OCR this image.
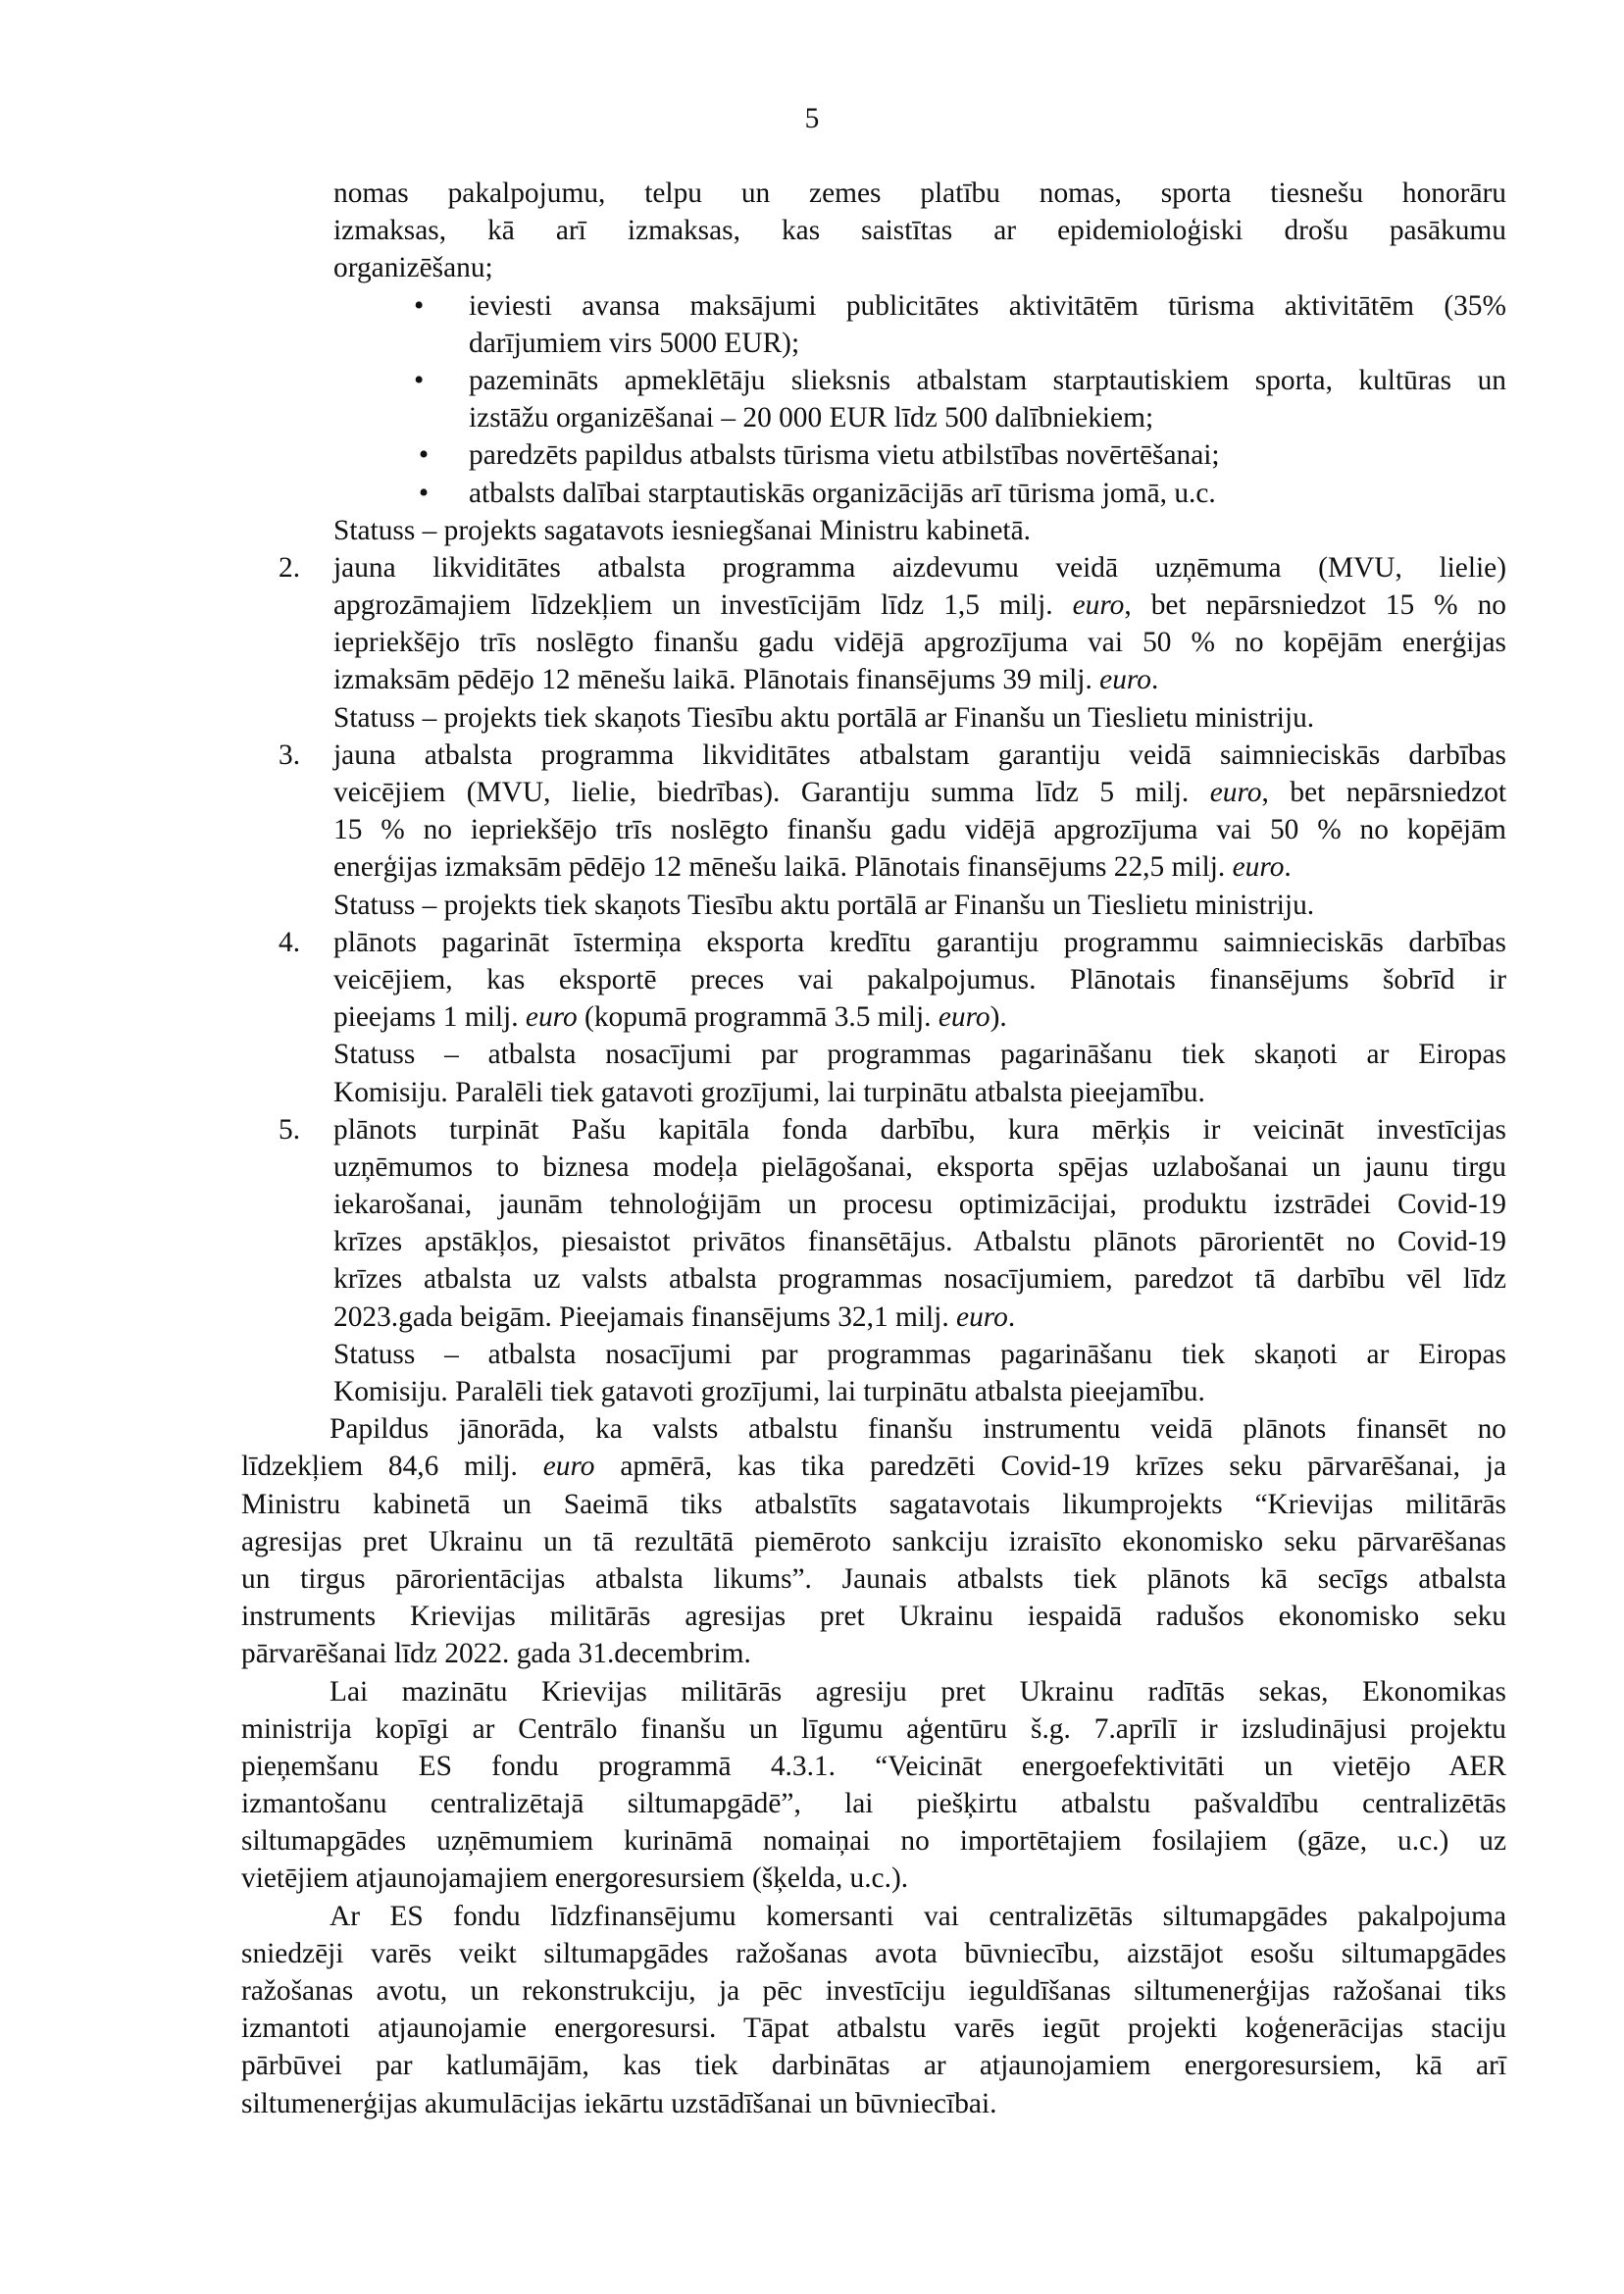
5
nomas pakalpojumu, telpu un zemes platību nomas, sporta tiesnešu honorāru
izmaksas, kā arī izmaksas, kas saistītas ar epidemioloģiski drošu pasākumu
organizēšanu;
•	ieviesti avansa maksājumi publicitātes aktivitātēm tūrisma aktivitātēm (35%
darījumiem virs 5000 EUR);
•	pazemināts apmeklētāju slieksnis atbalstam starptautiskiem sporta, kultūras un
izstāžu organizēšanai – 20 000 EUR līdz 500 dalībniekiem;
• paredzēts papildus atbalsts tūrisma vietu atbilstības novērtēšanai;
• atbalsts dalībai starptautiskās organizācijās arī tūrisma jomā, u.c.
Statuss – projekts sagatavots iesniegšanai Ministru kabinetā.
2. jauna likviditātes atbalsta programma aizdevumu veidā uzņēmuma (MVU, lielie)
apgrozāmajiem līdzekļiem un investīcijām līdz 1,5 milj. euro, bet nepārsniedzot 15 % no
iepriekšējo trīs noslēgto finanšu gadu vidējā apgrozījuma vai 50 % no kopējām enerģijas
izmaksām pēdējo 12 mēnešu laikā. Plānotais finansējums 39 milj. euro.
Statuss – projekts tiek skaņots Tiesību aktu portālā ar Finanšu un Tieslietu ministriju.
3. jauna atbalsta programma likviditātes atbalstam garantiju veidā saimnieciskās darbības
veicējiem (MVU, lielie, biedrības). Garantiju summa līdz 5 milj. euro, bet nepārsniedzot
15 % no iepriekšējo trīs noslēgto finanšu gadu vidējā apgrozījuma vai 50 % no kopējām
enerģijas izmaksām pēdējo 12 mēnešu laikā. Plānotais finansējums 22,5 milj. euro.
Statuss – projekts tiek skaņots Tiesību aktu portālā ar Finanšu un Tieslietu ministriju.
4. plānots pagarināt īstermiņa eksporta kredītu garantiju programmu saimnieciskās darbības
veicējiem, kas eksportē preces vai pakalpojumus. Plānotais finansējums šobrīd ir
pieejams 1 milj. euro (kopumā programmā 3.5 milj. euro).
Statuss – atbalsta nosacījumi par programmas pagarināšanu tiek skaņoti ar Eiropas
Komisiju. Paralēli tiek gatavoti grozījumi, lai turpinātu atbalsta pieejamību.
5. plānots turpināt Pašu kapitāla fonda darbību, kura mērķis ir veicināt investīcijas
uzņēmumos to biznesa modeļa pielāgošanai, eksporta spējas uzlabošanai un jaunu tirgu
iekarošanai, jaunām tehnoloģijām un procesu optimizācijai, produktu izstrādei Covid-19
krīzes apstākļos, piesaistot privātos finansētājus. Atbalstu plānots pārorientēt no Covid-19
krīzes atbalsta uz valsts atbalsta programmas nosacījumiem, paredzot tā darbību vēl līdz
2023.gada beigām. Pieejamais finansējums 32,1 milj. euro.
Statuss – atbalsta nosacījumi par programmas pagarināšanu tiek skaņoti ar Eiropas
Komisiju. Paralēli tiek gatavoti grozījumi, lai turpinātu atbalsta pieejamību.
Papildus jānorāda, ka valsts atbalstu finanšu instrumentu veidā plānots finansēt no
līdzekļiem 84,6 milj. euro apmērā, kas tika paredzēti Covid-19 krīzes seku pārvarēšanai, ja
Ministru kabinetā un Saeimā tiks atbalstīts sagatavotais likumprojekts “Krievijas militārās
agresijas pret Ukrainu un tā rezultātā piemēroto sankciju izraisīto ekonomisko seku pārvarēšanas
un tirgus pārorientācijas atbalsta likums”. Jaunais atbalsts tiek plānots kā secīgs atbalsta
instruments Krievijas militārās agresijas pret Ukrainu iespaidā radušos ekonomisko seku
pārvarēšanai līdz 2022. gada 31.decembrim.
Lai mazinātu Krievijas militārās agresiju pret Ukrainu radītās sekas, Ekonomikas
ministrija kopīgi ar Centrālo finanšu un līgumu aģentūru š.g. 7.aprīlī ir izsludinājusi projektu
pieņemšanu ES fondu programmā 4.3.1. “Veicināt energoefektivitāti un vietējo AER
izmantošanu centralizētajā siltumapgādē”, lai piešķirtu atbalstu pašvaldību centralizētās
siltumapgādes uzņēmumiem kurināmā nomaiņai no importētajiem fosilajiem (gāze, u.c.) uz
vietējiem atjaunojamajiem energoresursiem (šķelda, u.c.).
Ar ES fondu līdzfinansējumu komersanti vai centralizētās siltumapgādes pakalpojuma
sniedzēji varēs veikt siltumapgādes ražošanas avota būvniecību, aizstājot esošu siltumapgādes
ražošanas avotu, un rekonstrukciju, ja pēc investīciju ieguldīšanas siltumenerģijas ražošanai tiks
izmantoti atjaunojamie energoresursi. Tāpat atbalstu varēs iegūt projekti koģenerācijas staciju
pārbūvei par katlumājām, kas tiek darbinātas ar atjaunojamiem energoresursiem, kā arī
siltumenerģijas akumulācijas iekārtu uzstādīšanai un būvniecībai.
